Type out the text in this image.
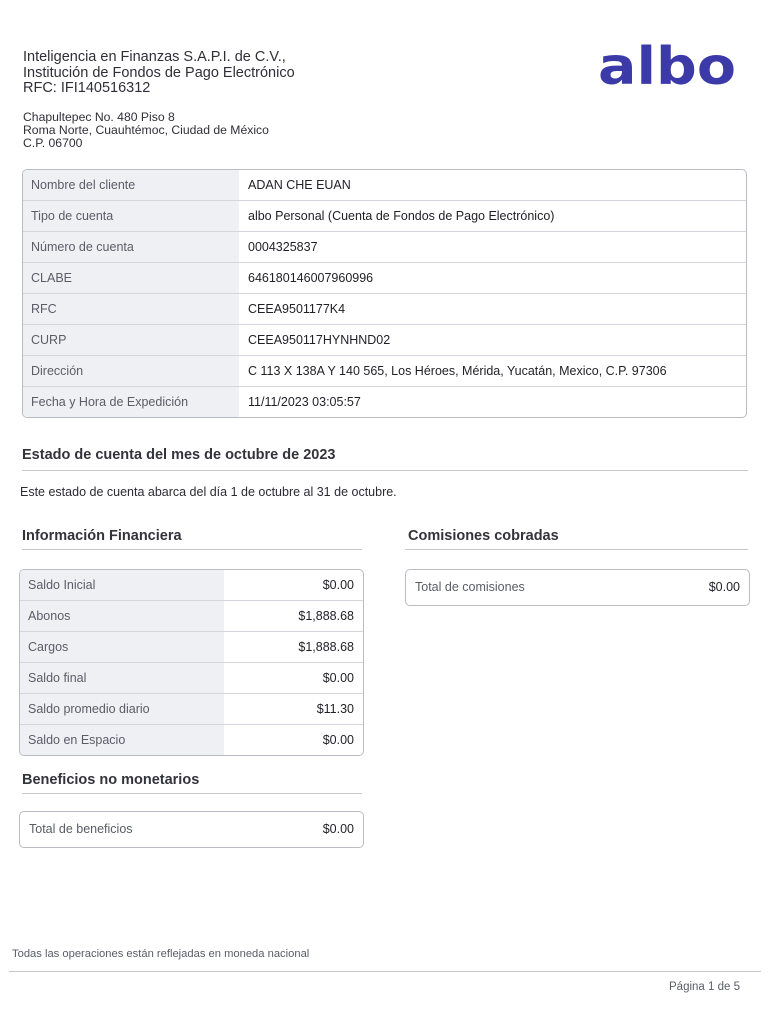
Inteligencia en Finanzas S.A.P.I. de C.V.,
Institución de Fondos de Pago Electrónico
RFC: IFI140516312
Chapultepec No. 480 Piso 8
Roma Norte, Cuauhtémoc, Ciudad de México
C.P. 06700
albo
Nombre del cliente	ADAN CHE EUAN
Tipo de cuenta	albo Personal (Cuenta de Fondos de Pago Electrónico)
Número de cuenta	0004325837
CLABE	646180146007960996
RFC	CEEA9501177K4
CURP	CEEA950117HYNHND02
Dirección	C 113 X 138A Y 140 565, Los Héroes, Mérida, Yucatán, Mexico, C.P. 97306
Fecha y Hora de Expedición	11/11/2023 03:05:57
Estado de cuenta del mes de octubre de 2023
Este estado de cuenta abarca del día 1 de octubre al 31 de octubre.
Información Financiera
Saldo Inicial	$0.00
Abonos	$1,888.68
Cargos	$1,888.68
Saldo final	$0.00
Saldo promedio diario	$11.30
Saldo en Espacio	$0.00
Comisiones cobradas
Total de comisiones	$0.00
Beneficios no monetarios
Total de beneficios	$0.00
Todas las operaciones están reflejadas en moneda nacional
Página 1 de 5
